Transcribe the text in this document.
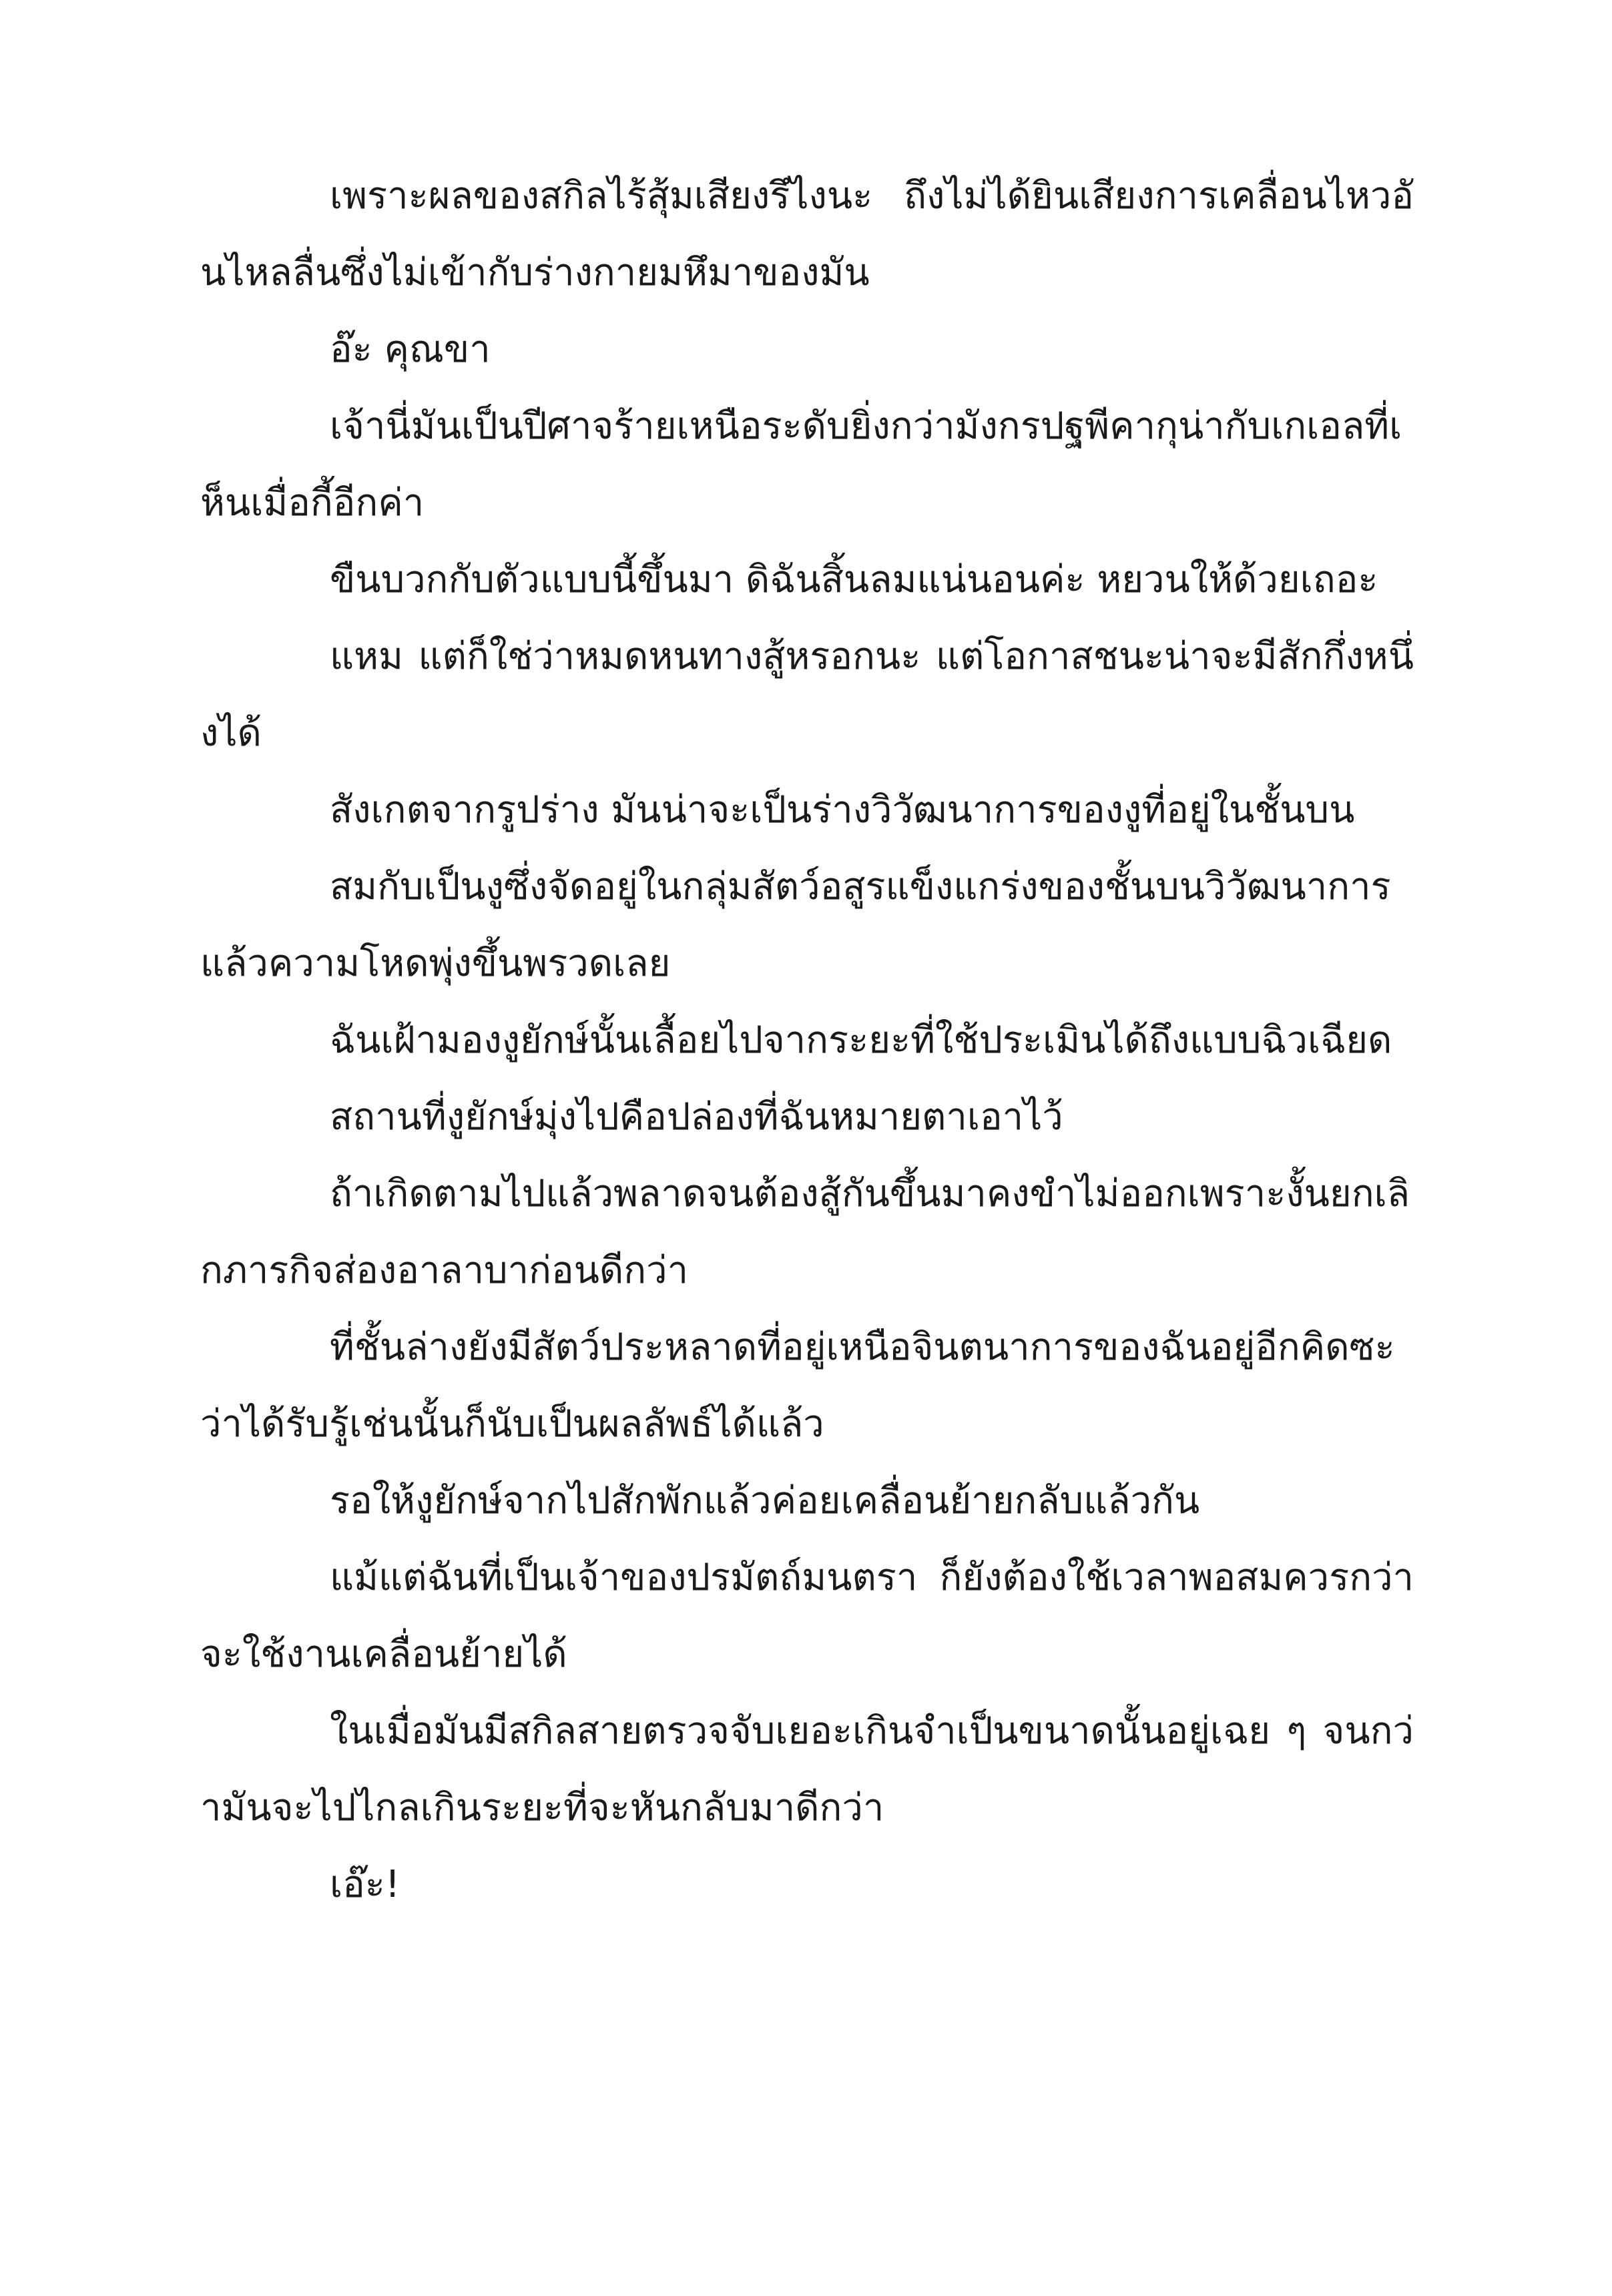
เพราะผลของสกิลไร้สุ้มเสียงรึไงนะ ถึงไม่ได้ยินเสียงการเคลื่อนไหวอันไหลลื่นซึ่งไม่เข้ากับร่างกายมหึมาของมัน

อ๊ะ คุณขา

เจ้านี่มันเป็นปีศาจร้ายเหนือระดับยิ่งกว่ามังกรปฐพีคากุน่ากับเกเอลที่เห็นเมื่อกี้อีกค่า

ขืนบวกกับตัวแบบนี้ขึ้นมา ดิฉันสิ้นลมแน่นอนค่ะ หยวนให้ด้วยเถอะ

แหม แต่ก็ใช่ว่าหมดหนทางสู้หรอกนะ แต่โอกาสชนะน่าจะมีสักกึ่งหนึ่งได้

สังเกตจากรูปร่าง มันน่าจะเป็นร่างวิวัฒนาการของงูที่อยู่ในชั้นบน

สมกับเป็นงูซึ่งจัดอยู่ในกลุ่มสัตว์อสูรแข็งแกร่งของชั้นบนวิวัฒนาการแล้วความโหดพุ่งขึ้นพรวดเลย

ฉันเฝ้ามองงูยักษ์นั้นเลื้อยไปจากระยะที่ใช้ประเมินได้ถึงแบบฉิวเฉียด

สถานที่งูยักษ์มุ่งไปคือปล่องที่ฉันหมายตาเอาไว้

ถ้าเกิดตามไปแล้วพลาดจนต้องสู้กันขึ้นมาคงขำไม่ออกเพราะงั้นยกเลิกภารกิจส่องอาลาบาก่อนดีกว่า

ที่ชั้นล่างยังมีสัตว์ประหลาดที่อยู่เหนือจินตนาการของฉันอยู่อีกคิดซะว่าได้รับรู้เช่นนั้นก็นับเป็นผลลัพธ์ได้แล้ว

รอให้งูยักษ์จากไปสักพักแล้วค่อยเคลื่อนย้ายกลับแล้วกัน

แม้แต่ฉันที่เป็นเจ้าของปรมัตถ์มนตรา ก็ยังต้องใช้เวลาพอสมควรกว่าจะใช้งานเคลื่อนย้ายได้

ในเมื่อมันมีสกิลสายตรวจจับเยอะเกินจำเป็นขนาดนั้นอยู่เฉย ๆ จนกว่ามันจะไปไกลเกินระยะที่จะหันกลับมาดีกว่า

เอ๊ะ!
